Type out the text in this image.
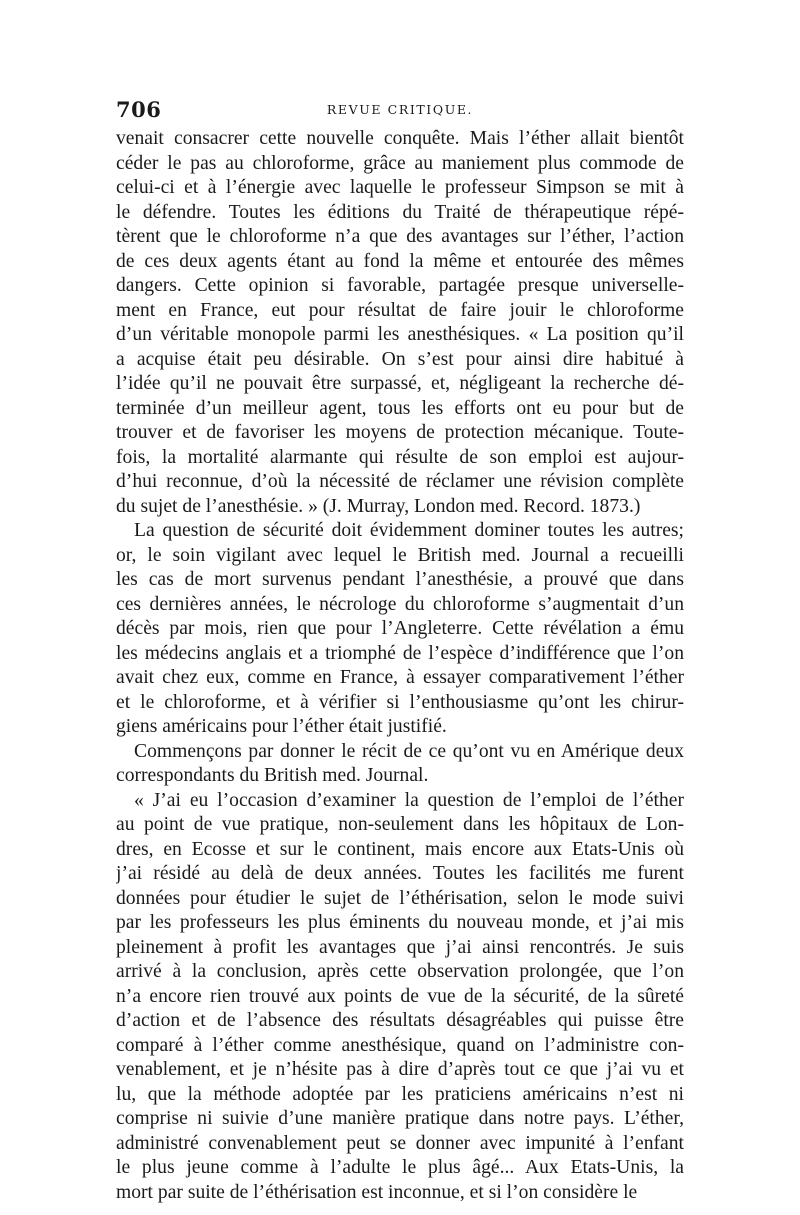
706	REVUE CRITIQUE.
venait consacrer cette nouvelle conquête. Mais l’éther allait bientôt
céder le pas au chloroforme, grâce au maniement plus commode de
celui-ci et à l’énergie avec laquelle le professeur Simpson se mit à
le défendre. Toutes les éditions du Traité de thérapeutique répé-
tèrent que le chloroforme n’a que des avantages sur l’éther, l’action
de ces deux agents étant au fond la même et entourée des mêmes
dangers. Cette opinion si favorable, partagée presque universelle-
ment en France, eut pour résultat de faire jouir le chloroforme
d’un véritable monopole parmi les anesthésiques. « La position qu’il
a acquise était peu désirable. On s’est pour ainsi dire habitué à
l’idée qu’il ne pouvait être surpassé, et, négligeant la recherche dé-
terminée d’un meilleur agent, tous les efforts ont eu pour but de
trouver et de favoriser les moyens de protection mécanique. Toute-
fois, la mortalité alarmante qui résulte de son emploi est aujour-
d’hui reconnue, d’où la nécessité de réclamer une révision complète
du sujet de l’anesthésie. » (J. Murray, London med. Record. 1873.)
La question de sécurité doit évidemment dominer toutes les autres;
or, le soin vigilant avec lequel le British med. Journal a recueilli
les cas de mort survenus pendant l’anesthésie, a prouvé que dans
ces dernières années, le nécrologe du chloroforme s’augmentait d’un
décès par mois, rien que pour l’Angleterre. Cette révélation a ému
les médecins anglais et a triomphé de l’espèce d’indifférence que l’on
avait chez eux, comme en France, à essayer comparativement l’éther
et le chloroforme, et à vérifier si l’enthousiasme qu’ont les chirur-
giens américains pour l’éther était justifié.
Commençons par donner le récit de ce qu’ont vu en Amérique deux
correspondants du British med. Journal.
« J’ai eu l’occasion d’examiner la question de l’emploi de l’éther
au point de vue pratique, non-seulement dans les hôpitaux de Lon-
dres, en Ecosse et sur le continent, mais encore aux Etats-Unis où
j’ai résidé au delà de deux années. Toutes les facilités me furent
données pour étudier le sujet de l’éthérisation, selon le mode suivi
par les professeurs les plus éminents du nouveau monde, et j’ai mis
pleinement à profit les avantages que j’ai ainsi rencontrés. Je suis
arrivé à la conclusion, après cette observation prolongée, que l’on
n’a encore rien trouvé aux points de vue de la sécurité, de la sûreté
d’action et de l’absence des résultats désagréables qui puisse être
comparé à l’éther comme anesthésique, quand on l’administre con-
venablement, et je n’hésite pas à dire d’après tout ce que j’ai vu et
lu, que la méthode adoptée par les praticiens américains n’est ni
comprise ni suivie d’une manière pratique dans notre pays. L’éther,
administré convenablement peut se donner avec impunité à l’enfant
le plus jeune comme à l’adulte le plus âgé... Aux Etats-Unis, la
mort par suite de l’éthérisation est inconnue, et si l’on considère le
